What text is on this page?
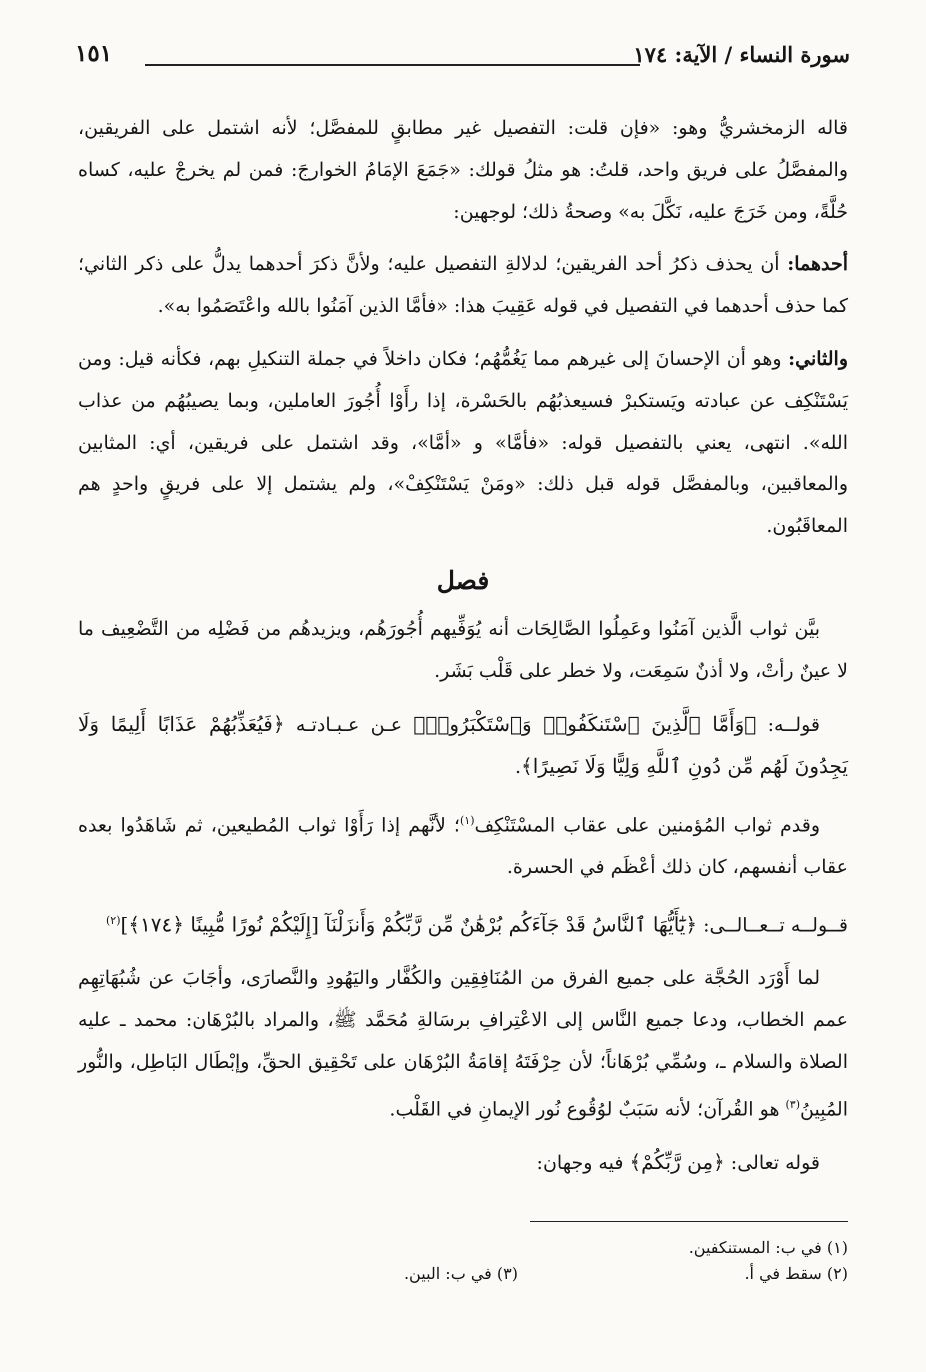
سورة النساء / الآية: ١٧٤
١٥١

قاله الزمخشريُّ وهو: «فإن قلت: التفصيل غير مطابقٍ للمفصَّل؛ لأنه اشتمل على الفريقين، والمفصَّلُ على فريق واحد، قلتُ: هو مثلُ قولك: «جَمَعَ الإمَامُ الخوارجَ: فمن لم يخرجْ عليه، كساه حُلَّةً، ومن خَرَجَ عليه، نَكَّلَ به» وصحةُ ذلك؛ لوجهين:

أحدهما: أن يحذف ذكرُ أحد الفريقين؛ لدلالةِ التفصيل عليه؛ ولأنَّ ذكرَ أحدهما يدلُّ على ذكر الثاني؛ كما حذف أحدهما في التفصيل في قوله عَقِيبَ هذا: «فأمَّا الذين آمَنُوا بالله واعْتَصَمُوا به».

والثاني: وهو أن الإحسانَ إلى غيرهم مما يَغُمُّهُم؛ فكان داخلاً في جملة التنكيلِ بهم، فكأنه قيل: ومن يَسْتَنْكِف عن عبادته ويَستكبرْ فسيعذبُهُم بالحَسْرة، إذا رأَوْا أُجُورَ العاملين، وبما يصيبُهُم من عذاب الله». انتهى، يعني بالتفصيل قوله: «فأمَّا» و «أمَّا»، وقد اشتمل على فريقين، أي: المثابين والمعاقبين، وبالمفصَّل قوله قبل ذلك: «ومَنْ يَسْتَنْكِفْ»، ولم يشتمل إلا على فريقٍ واحدٍ هم المعاقَبُون.

فصل

بيَّن ثواب الَّذين آمَنُوا وعَمِلُوا الصَّالِحَات أنه يُوَفِّيهم أُجُورَهُم، ويزيدهُم من فَضْلِه من التَّضْعِيف ما لا عينٌ رأتْ، ولا أذنٌ سَمِعَت، ولا خطر على قَلْب بَشَر.

قولــه: ﴿وَأَمَّا ٱلَّذِينَ ٱسْتَنكَفُوا۟ وَٱسْتَكْبَرُوا۟﴾ عـن عـبـادتـه ﴿فَيُعَذِّبُهُمْ عَذَابًا أَلِيمًا وَلَا يَجِدُونَ لَهُم مِّن دُونِ ٱللَّهِ وَلِيًّا وَلَا نَصِيرًا﴾.

وقدم ثواب المُؤمنين على عقاب المسْتَنْكِف$^{(١)}$؛ لأنَّهم إذا رَأَوْا ثواب المُطيعين، ثم شَاهَدُوا بعده عقاب أنفسهم، كان ذلك أعْظَم في الحسرة.

قــولــه تــعــالــى: ﴿يَٰٓأَيُّهَا ٱلنَّاسُ قَدْ جَآءَكُم بُرْهَٰنٌ مِّن رَّبِّكُمْ وَأَنزَلْنَآ [إِلَيْكُمْ نُورًا مُّبِينًا ﴿١٧٤﴾]$^{(٢)}$

لما أَوْرَد الحُجَّة على جميع الفرق من المُنَافِقِين والكُفَّار واليَهُودِ والنَّصارَى، وأجَابَ عن شُبُهَاتِهِم عمم الخطاب، ودعا جميع النَّاس إلى الاعْتِرافِ برسَالةِ مُحَمَّد ﷺ، والمراد بالبُرْهَان: محمد ـ عليه الصلاة والسلام ـ، وسُمِّي بُرْهَاناً؛ لأن حِرْفَتَهُ إقامَةُ البُرْهَان على تَحْقِيق الحقِّ، وإبْطَال البَاطِل، والنُّور المُبِينُ$^{(٣)}$ هو القُرآن؛ لأنه سَبَبٌ لوُقُوع نُور الإيمانِ في القَلْب.

قوله تعالى: ﴿مِن رَّبِّكُمْ﴾ فيه وجهان:

(١) في ب: المستنكفين.
(٢) سقط في أ.
(٣) في ب: البين.
